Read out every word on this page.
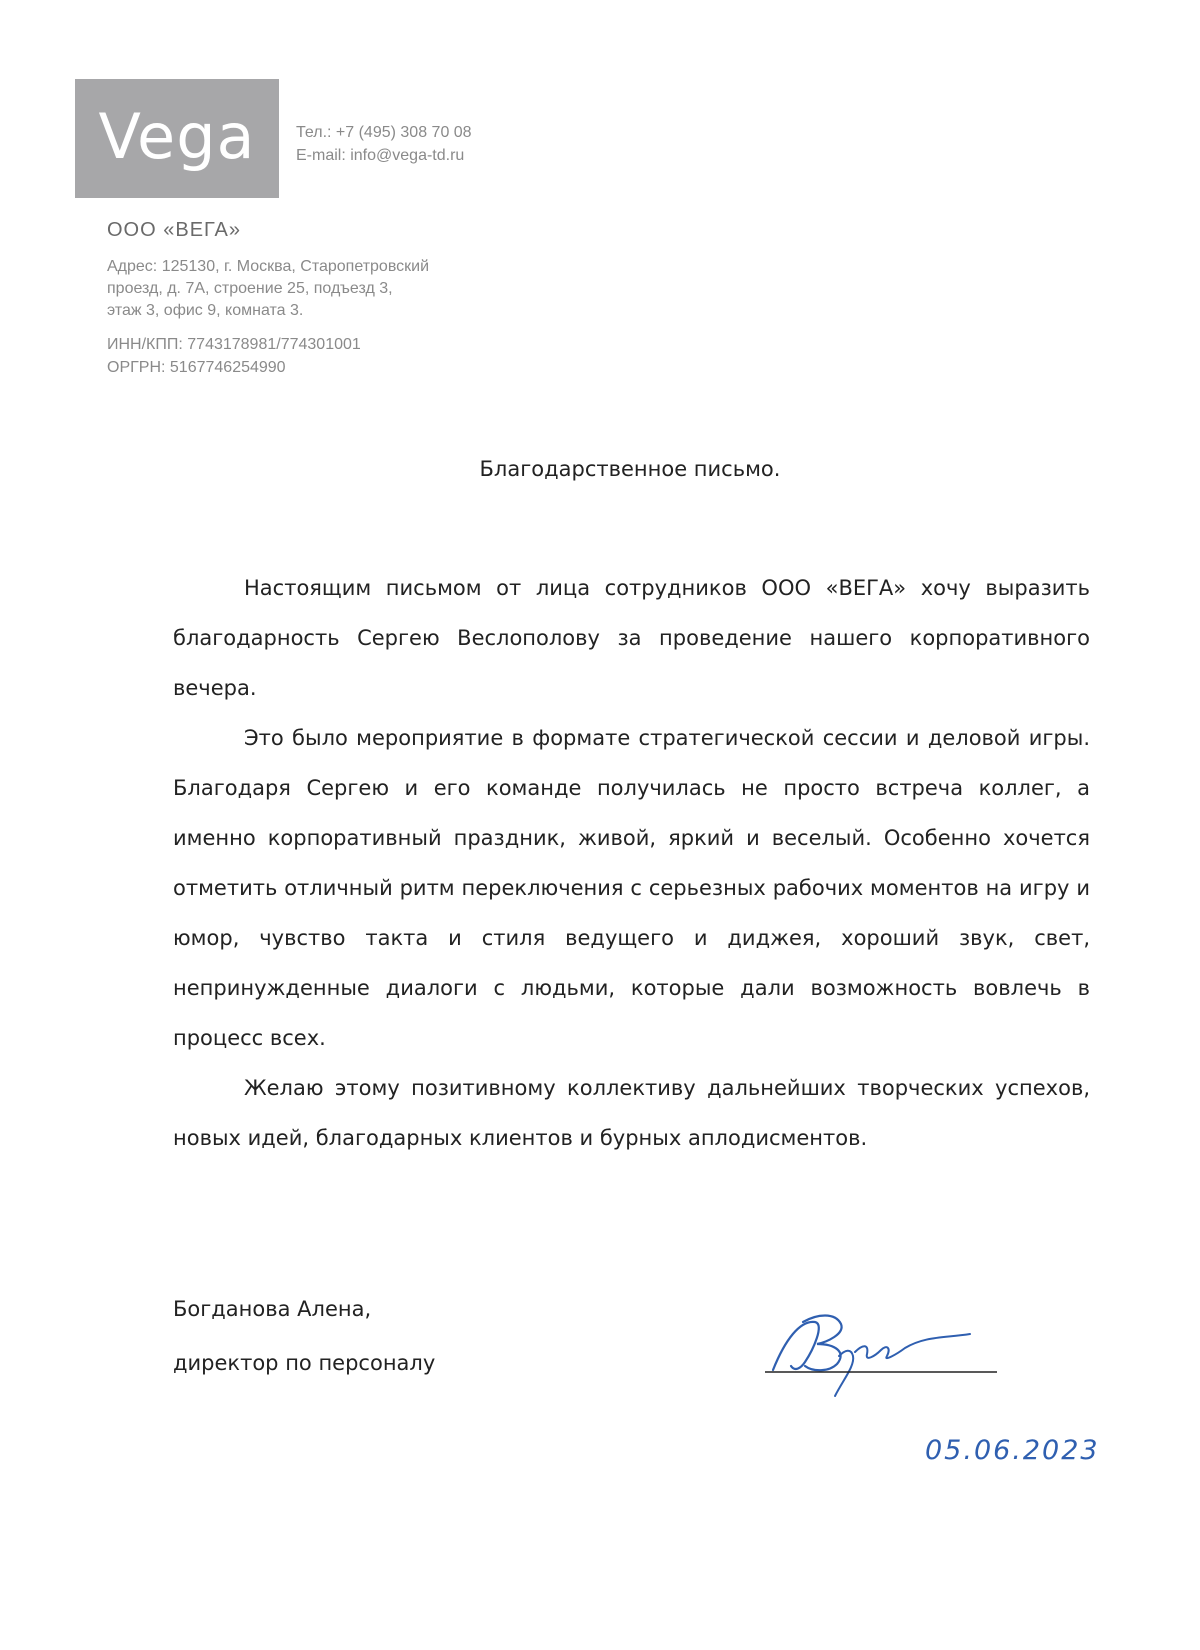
Vega	Тел.: +7 (495) 308 70 08
E-mail: info@vega-td.ru
ООО «ВЕГА»
Адрес: 125130, г. Москва, Старопетровский
проезд, д. 7А, строение 25, подъезд 3,
этаж 3, офис 9, комната 3.
ИНН/КПП: 7743178981/774301001
ОРГРН: 5167746254990
Благодарственное письмо.

Настоящим письмом от лица сотрудников ООО «ВЕГА» хочу выразить благодарность Сергею Веслополову за проведение нашего корпоративного вечера.

Это было мероприятие в формате стратегической сессии и деловой игры. Благодаря Сергею и его команде получилась не просто встреча коллег, а именно корпоративный праздник, живой, яркий и веселый. Особенно хочется отметить отличный ритм переключения с серьезных рабочих моментов на игру и юмор, чувство такта и стиля ведущего и диджея, хороший звук, свет, непринужденные диалоги с людьми, которые дали возможность вовлечь в процесс всех.

Желаю этому позитивному коллективу дальнейших творческих успехов, новых идей, благодарных клиентов и бурных аплодисментов.

Богданова Алена,
директор по персоналу
05.06.2023
